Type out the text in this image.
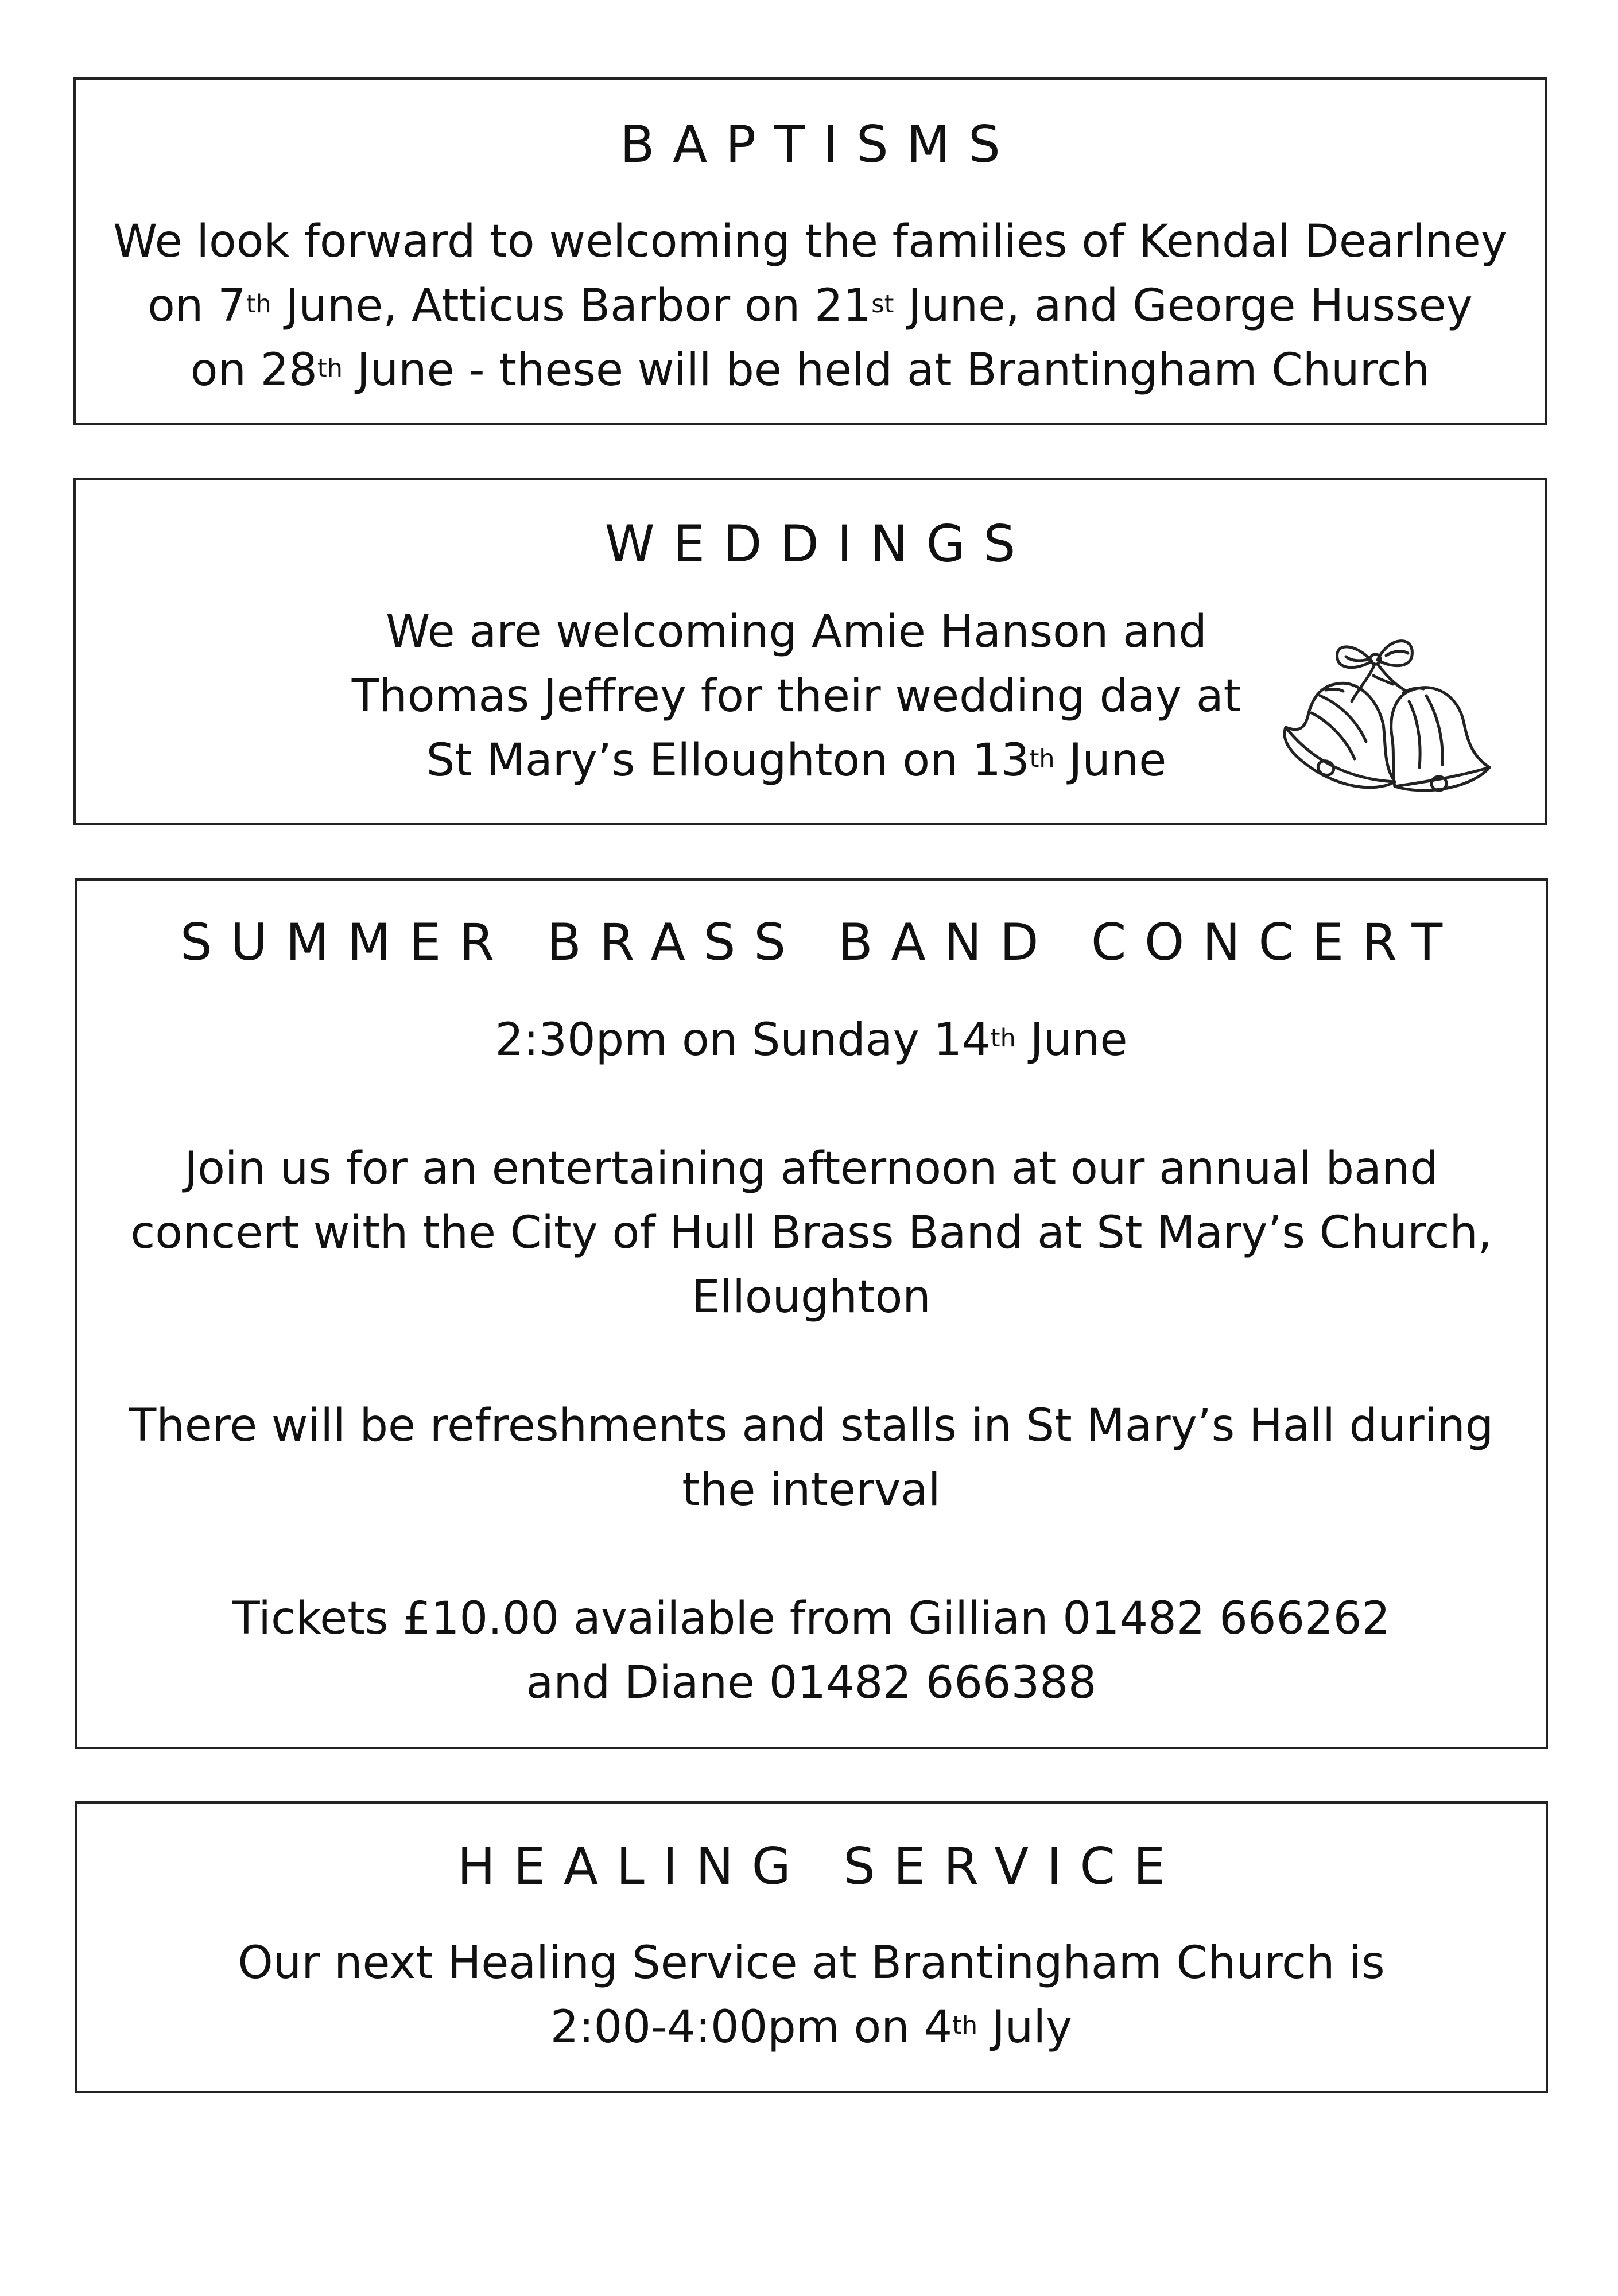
BAPTISMS

We look forward to welcoming the families of Kendal Dearlney

on 7th June, Atticus Barbor on 21st June, and George Hussey

on 28th June - these will be held at Brantingham Church

WEDDINGS

We are welcoming Amie Hanson and

Thomas Jeffrey for their wedding day at

St Mary’s Elloughton on 13th June

SUMMER BRASS BAND CONCERT

2:30pm on Sunday 14th June

Join us for an entertaining afternoon at our annual band

concert with the City of Hull Brass Band at St Mary’s Church,

Elloughton

There will be refreshments and stalls in St Mary’s Hall during

the interval

Tickets £10.00 available from Gillian 01482 666262

and Diane 01482 666388

HEALING SERVICE

Our next Healing Service at Brantingham Church is

2:00-4:00pm on 4th July
